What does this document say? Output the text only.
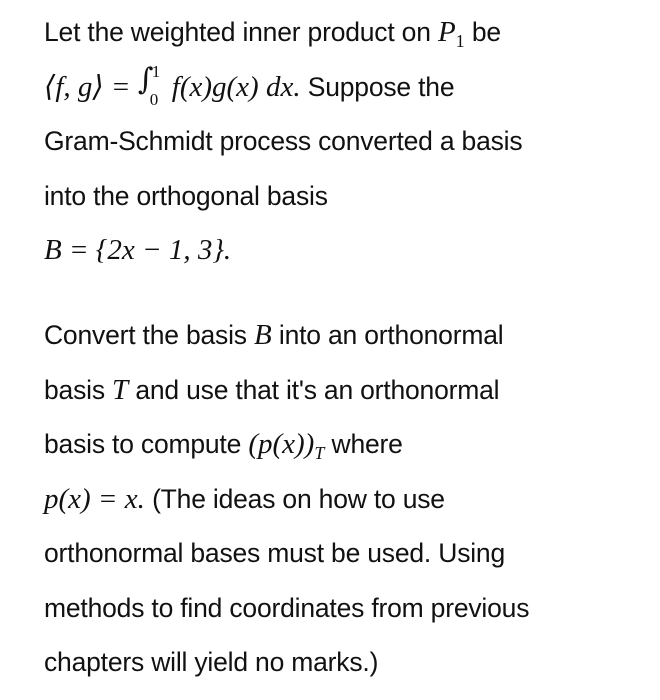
Let the weighted inner product on $P_1$ be
⟨f, g⟩ = ∫
1
0 f(x)g(x) dx. Suppose the
Gram-Schmidt process converted a basis
into the orthogonal basis
B = {2x − 1, 3}.
Convert the basis B into an orthonormal
basis T and use that it's an orthonormal
basis to compute $(p(x))_T$ where
p(x) = x. (The ideas on how to use
orthonormal bases must be used. Using
methods to find coordinates from previous
chapters will yield no marks.)
